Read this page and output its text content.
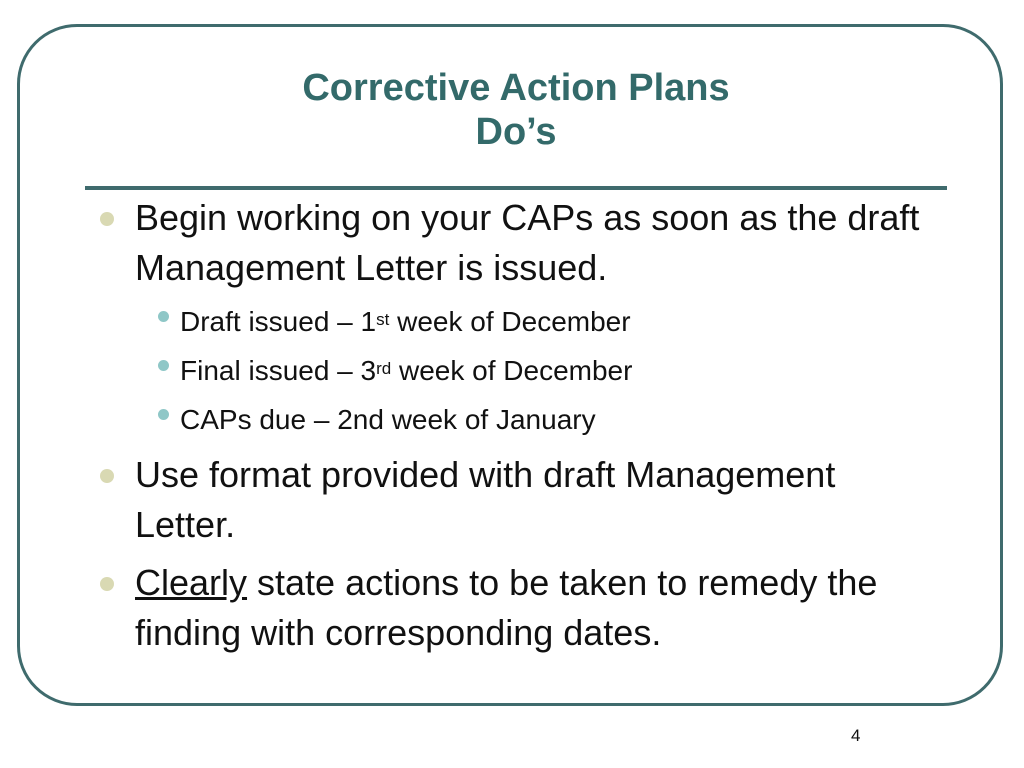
Corrective Action Plans
Do’s
Begin working on your CAPs as soon as the draft Management Letter is issued.
Draft issued – 1st week of December
Final issued – 3rd week of December
CAPs due – 2nd week of January
Use format provided with draft Management Letter.
Clearly state actions to be taken to remedy the finding with corresponding dates.
4
